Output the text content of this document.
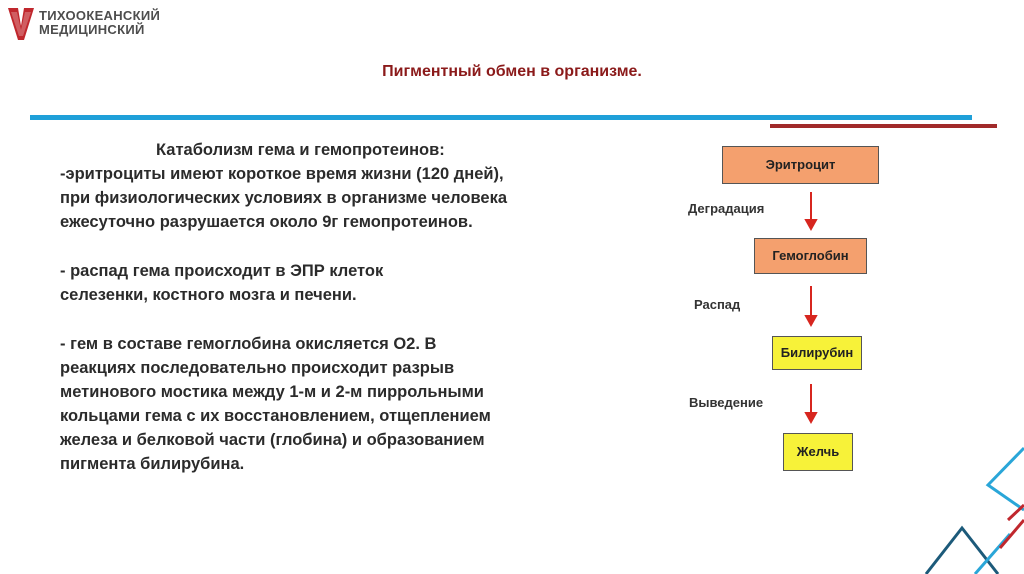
ТИХООКЕАНСКИЙ
МЕДИЦИНСКИЙ
Пигментный обмен в организме.
Катаболизм гема и гемопротеинов:
-эритроциты имеют короткое время жизни (120 дней),
при физиологических условиях в организме человека
ежесуточно разрушается около 9г гемопротеинов.
- распад гема происходит в ЭПР клеток
селезенки, костного мозга и печени.
- гем в составе гемоглобина окисляется О2. В
реакциях последовательно происходит разрыв
метинового мостика между 1-м и 2-м пиррольными
кольцами гема с их восстановлением, отщеплением
железа и белковой части (глобина) и образованием
пигмента билирубина.
Эритроцит
Гемоглобин
Билирубин
Желчь
Деградация
Распад
Выведение
